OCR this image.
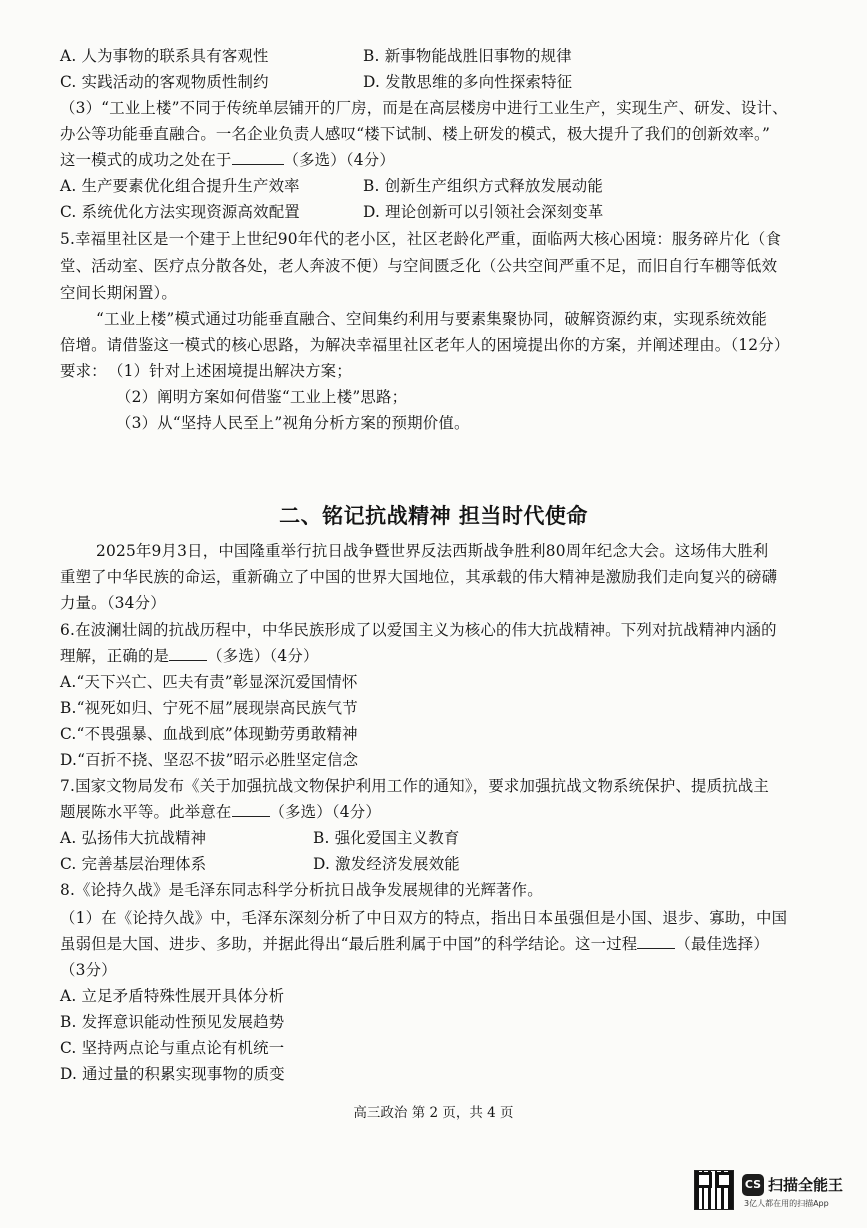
A. 人为事物的联系具有客观性	B. 新事物能战胜旧事物的规律
C. 实践活动的客观物质性制约	D. 发散思维的多向性探索特征
（3）“工业上楼”不同于传统单层铺开的厂房，而是在高层楼房中进行工业生产，实现生产、研发、设计、
办公等功能垂直融合。一名企业负责人感叹“楼下试制、楼上研发的模式，极大提升了我们的创新效率。”
这一模式的成功之处在于	（多选）（4分）
A. 生产要素优化组合提升生产效率	B. 创新生产组织方式释放发展动能
C. 系统优化方法实现资源高效配置	D. 理论创新可以引领社会深刻变革
5.幸福里社区是一个建于上世纪90年代的老小区，社区老龄化严重，面临两大核心困境：服务碎片化（食
堂、活动室、医疗点分散各处，老人奔波不便）与空间匮乏化（公共空间严重不足，而旧自行车棚等低效
空间长期闲置）。
“工业上楼”模式通过功能垂直融合、空间集约利用与要素集聚协同，破解资源约束，实现系统效能
倍增。请借鉴这一模式的核心思路，为解决幸福里社区老年人的困境提出你的方案，并阐述理由。（12分）
要求： （1）针对上述困境提出解决方案；
（2）阐明方案如何借鉴“工业上楼”思路；
（3）从“坚持人民至上”视角分析方案的预期价值。
二、铭记抗战精神 担当时代使命
2025年9月3日，中国隆重举行抗日战争暨世界反法西斯战争胜利80周年纪念大会。这场伟大胜利
重塑了中华民族的命运，重新确立了中国的世界大国地位，其承载的伟大精神是激励我们走向复兴的磅礴
力量。（34分）
6.在波澜壮阔的抗战历程中，中华民族形成了以爱国主义为核心的伟大抗战精神。下列对抗战精神内涵的
理解，正确的是 （多选）（4分）
A.“天下兴亡、匹夫有责”彰显深沉爱国情怀
B.“视死如归、宁死不屈”展现崇高民族气节
C.“不畏强暴、血战到底”体现勤劳勇敢精神
D.“百折不挠、坚忍不拔”昭示必胜坚定信念
7.国家文物局发布《关于加强抗战文物保护利用工作的通知》，要求加强抗战文物系统保护、提质抗战主
题展陈水平等。此举意在 （多选）（4分）
A. 弘扬伟大抗战精神	B. 强化爱国主义教育
C. 完善基层治理体系	D. 激发经济发展效能
8.《论持久战》是毛泽东同志科学分析抗日战争发展规律的光辉著作。
（1）在《论持久战》中，毛泽东深刻分析了中日双方的特点，指出日本虽强但是小国、退步、寡助，中国
虽弱但是大国、进步、多助，并据此得出“最后胜利属于中国”的科学结论。这一过程 （最佳选择）
（3分）
A. 立足矛盾特殊性展开具体分析
B. 发挥意识能动性预见发展趋势
C. 坚持两点论与重点论有机统一
D. 通过量的积累实现事物的质变
高三政治 第 2 页，共 4 页
CS 扫描全能王
3亿人都在用的扫描App
